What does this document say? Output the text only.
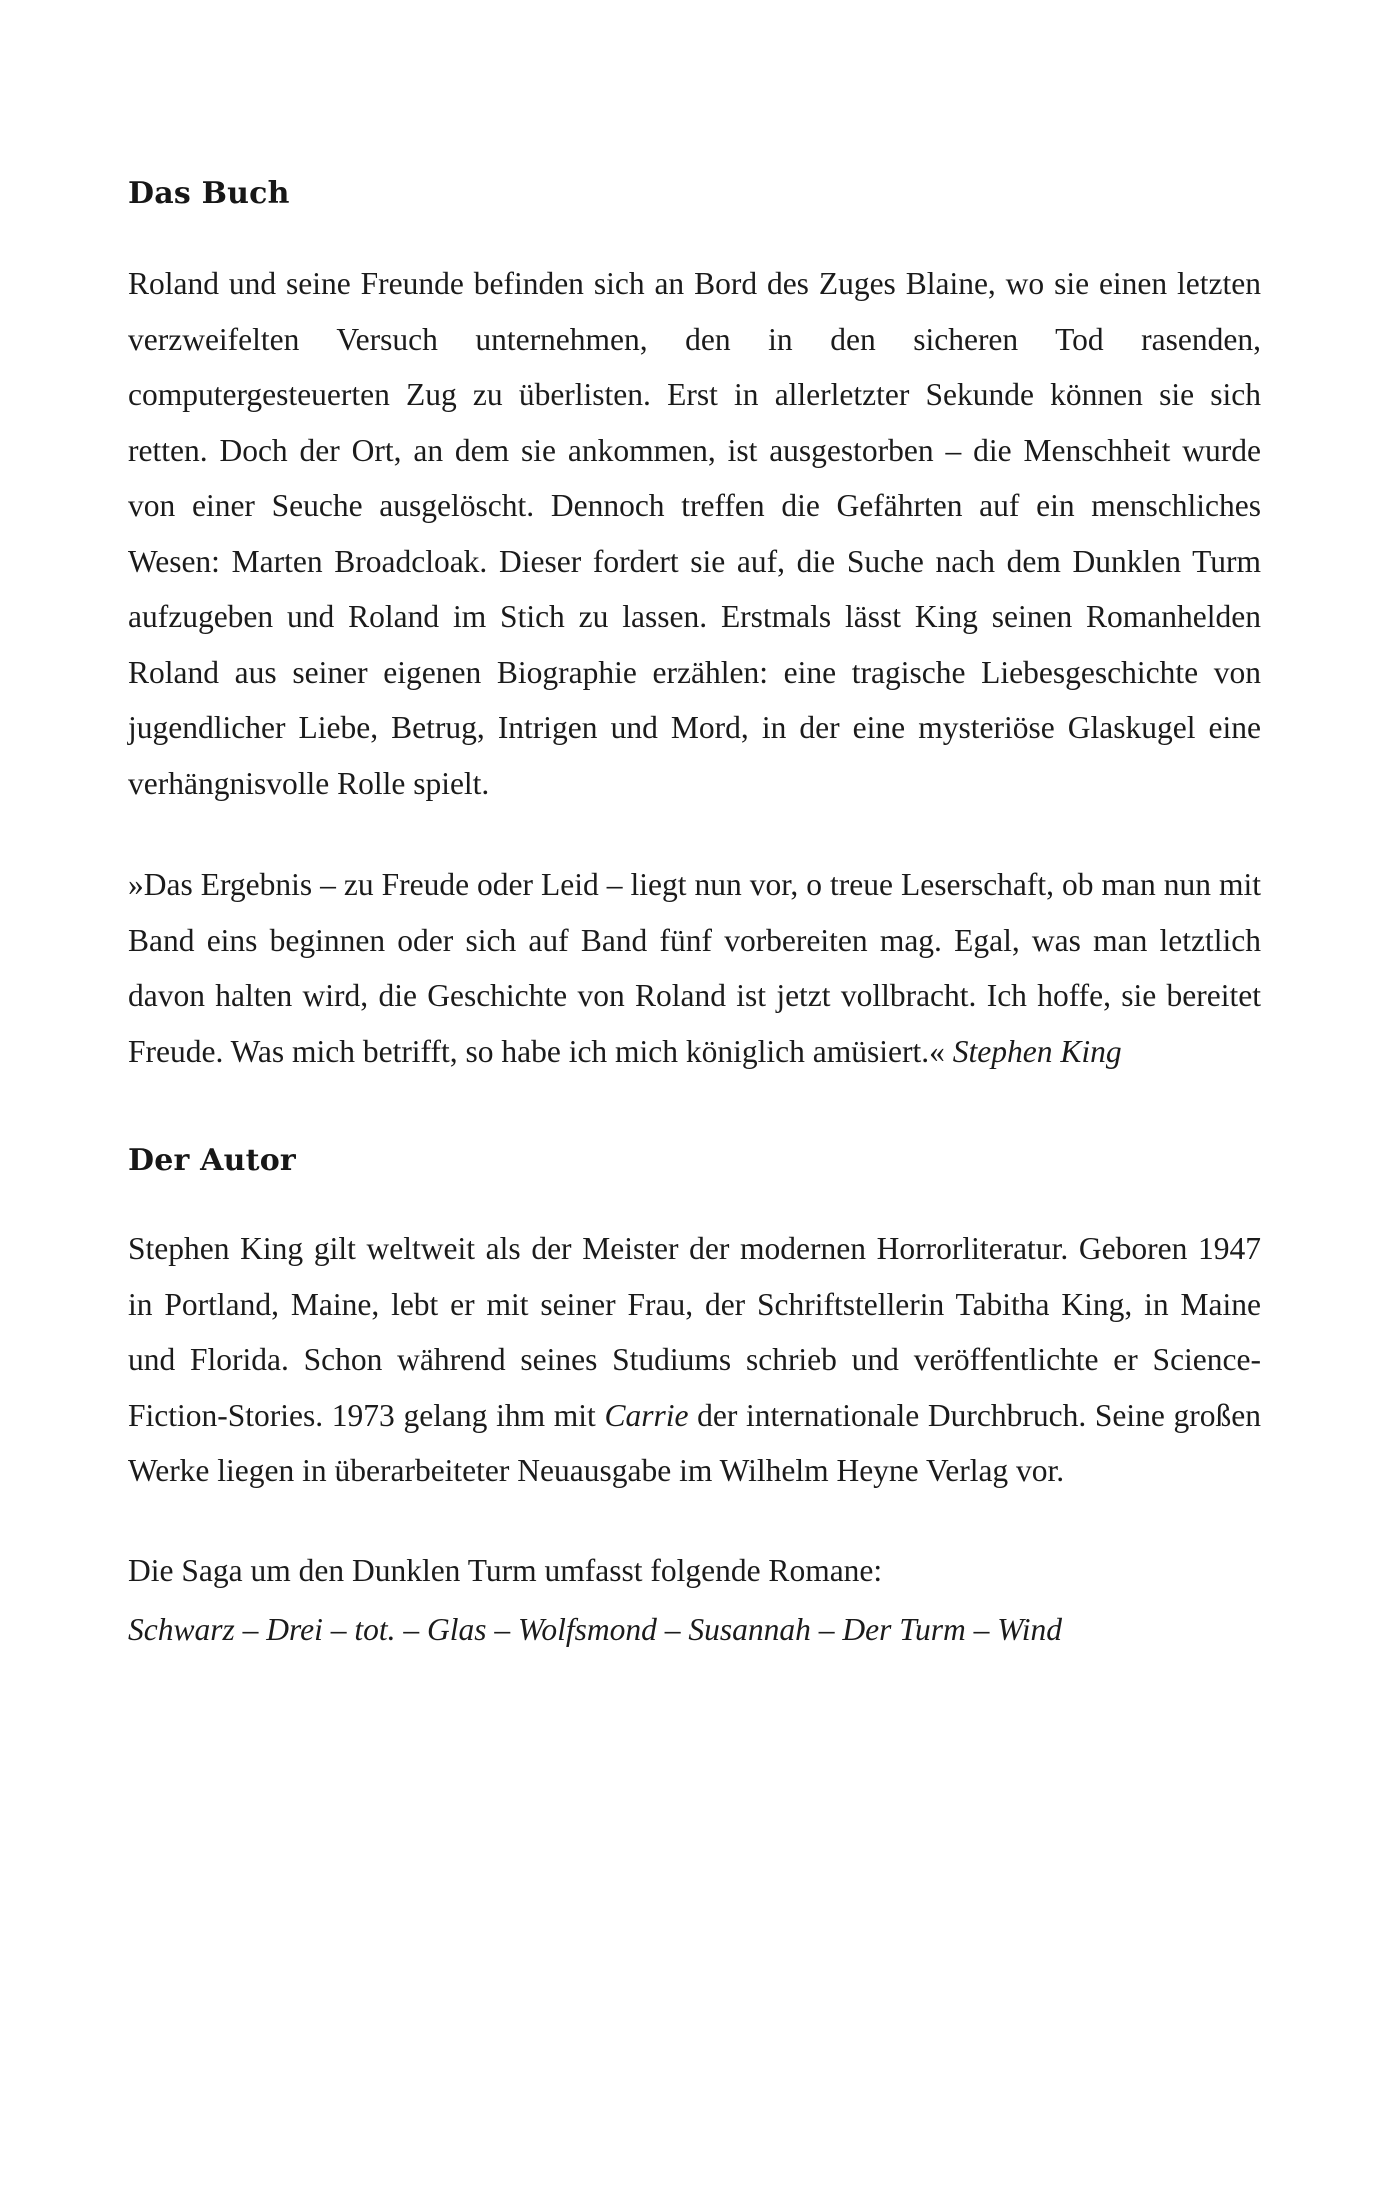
Das Buch

Roland und seine Freunde befinden sich an Bord des Zuges Blaine, wo sie einen letzten verzweifelten Versuch unternehmen, den in den sicheren Tod rasenden, computergesteuerten Zug zu überlisten. Erst in allerletzter Sekunde können sie sich retten. Doch der Ort, an dem sie ankommen, ist ausgestorben – die Menschheit wurde von einer Seuche ausgelöscht. Dennoch treffen die Gefährten auf ein menschliches Wesen: Marten Broadcloak. Dieser fordert sie auf, die Suche nach dem Dunklen Turm aufzugeben und Roland im Stich zu lassen. Erstmals lässt King seinen Romanhelden Roland aus seiner eigenen Biographie erzählen: eine tragische Liebesgeschichte von jugendlicher Liebe, Betrug, Intrigen und Mord, in der eine mysteriöse Glaskugel eine verhängnisvolle Rolle spielt.

»Das Ergebnis – zu Freude oder Leid – liegt nun vor, o treue Leserschaft, ob man nun mit Band eins beginnen oder sich auf Band fünf vorbereiten mag. Egal, was man letztlich davon halten wird, die Geschichte von Roland ist jetzt vollbracht. Ich hoffe, sie bereitet Freude. Was mich betrifft, so habe ich mich königlich amüsiert.« Stephen King

Der Autor

Stephen King gilt weltweit als der Meister der modernen Horrorliteratur. Geboren 1947 in Portland, Maine, lebt er mit seiner Frau, der Schriftstellerin Tabitha King, in Maine und Florida. Schon während seines Studiums schrieb und veröffentlichte er Science-Fiction-Stories. 1973 gelang ihm mit Carrie der internationale Durchbruch. Seine großen Werke liegen in überarbeiteter Neuausgabe im Wilhelm Heyne Verlag vor.

Die Saga um den Dunklen Turm umfasst folgende Romane:

Schwarz – Drei – tot. – Glas – Wolfsmond – Susannah – Der Turm – Wind
